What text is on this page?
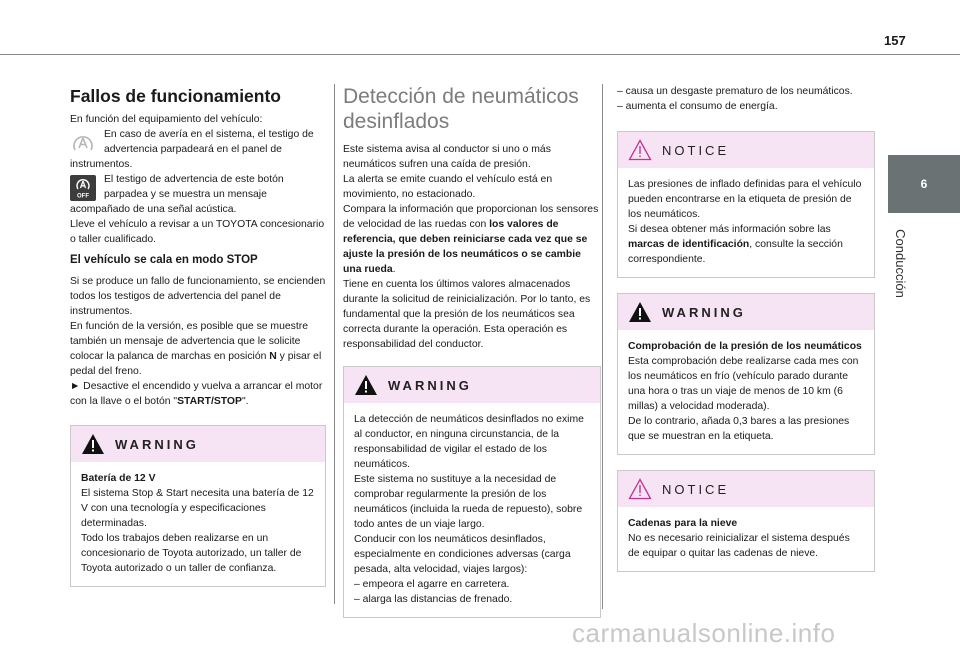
157
6
Conducción
Fallos de funcionamiento

En función del equipamiento del vehículo:

En caso de avería en el sistema, el testigo de advertencia parpadeará en el panel de

instrumentos.

OFF

El testigo de advertencia de este botón parpadea y se muestra un mensaje

acompañado de una señal acústica.

Lleve el vehículo a revisar a un TOYOTA concesionario o taller cualificado.

El vehículo se cala en modo STOP

Si se produce un fallo de funcionamiento, se encienden todos los testigos de advertencia del panel de instrumentos.

En función de la versión, es posible que se muestre también un mensaje de advertencia que le solicite colocar la palanca de marchas en posición N y pisar el pedal del freno.

► Desactive el encendido y vuelva a arrancar el motor con la llave o el botón "START/STOP".

WARNING

Batería de 12 V

El sistema Stop & Start necesita una batería de 12 V con una tecnología y especificaciones determinadas.

Todo los trabajos deben realizarse en un concesionario de Toyota autorizado, un taller de Toyota autorizado o un taller de confianza.

Detección de neumáticos desinflados

Este sistema avisa al conductor si uno o más neumáticos sufren una caída de presión.

La alerta se emite cuando el vehículo está en movimiento, no estacionado.

Compara la información que proporcionan los sensores de velocidad de las ruedas con los valores de referencia, que deben reiniciarse cada vez que se ajuste la presión de los neumáticos o se cambie una rueda.

Tiene en cuenta los últimos valores almacenados durante la solicitud de reinicialización. Por lo tanto, es fundamental que la presión de los neumáticos sea correcta durante la operación. Esta operación es responsabilidad del conductor.

WARNING

La detección de neumáticos desinflados no exime al conductor, en ninguna circunstancia, de la responsabilidad de vigilar el estado de los neumáticos.

Este sistema no sustituye a la necesidad de comprobar regularmente la presión de los neumáticos (incluida la rueda de repuesto), sobre todo antes de un viaje largo.

Conducir con los neumáticos desinflados, especialmente en condiciones adversas (carga pesada, alta velocidad, viajes largos):

– empeora el agarre en carretera.

– alarga las distancias de frenado.

– causa un desgaste prematuro de los neumáticos.

– aumenta el consumo de energía.

NOTICE

Las presiones de inflado definidas para el vehículo pueden encontrarse en la etiqueta de presión de los neumáticos.

Si desea obtener más información sobre las marcas de identificación, consulte la sección correspondiente.

WARNING

Comprobación de la presión de los neumáticos

Esta comprobación debe realizarse cada mes con los neumáticos en frío (vehículo parado durante una hora o tras un viaje de menos de 10 km (6 millas) a velocidad moderada).

De lo contrario, añada 0,3 bares a las presiones que se muestran en la etiqueta.

NOTICE

Cadenas para la nieve

No es necesario reinicializar el sistema después de equipar o quitar las cadenas de nieve.

carmanualsonline.info
